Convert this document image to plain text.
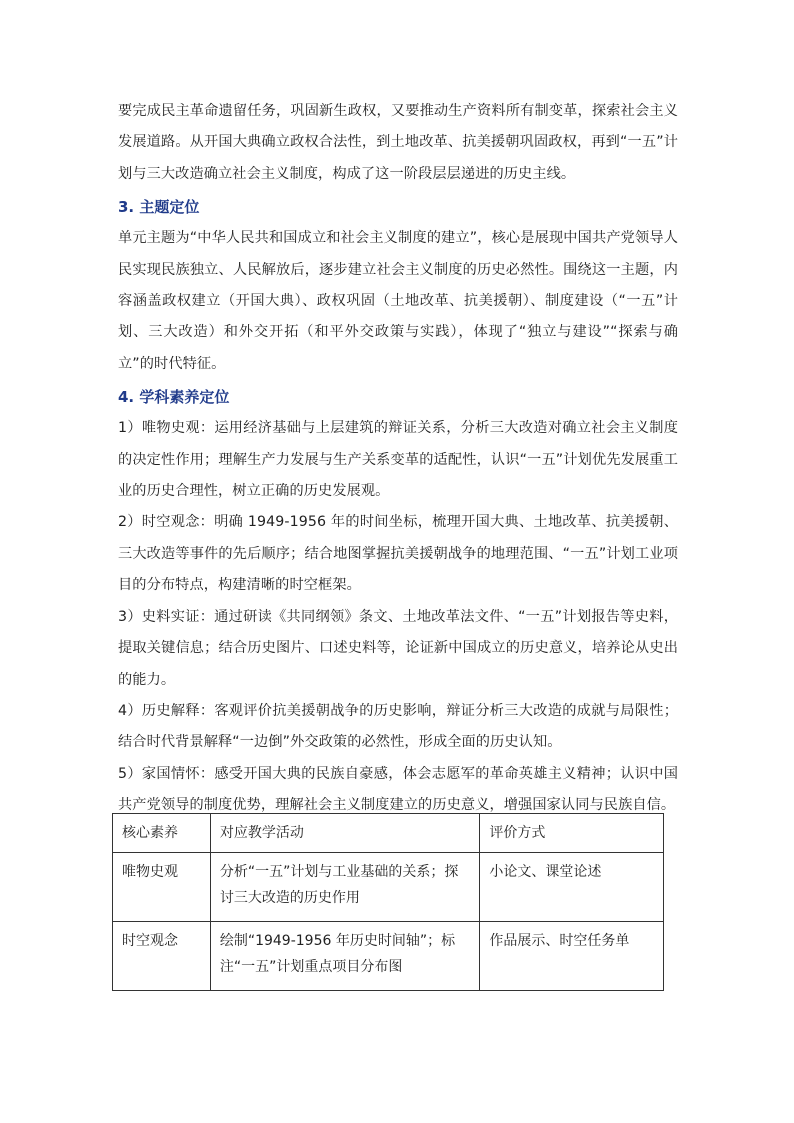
要完成民主革命遗留任务，巩固新生政权，又要推动生产资料所有制变革，探索社会主义发展道路。从开国大典确立政权合法性，到土地改革、抗美援朝巩固政权，再到“一五”计划与三大改造确立社会主义制度，构成了这一阶段层层递进的历史主线。

3. 主题定位

单元主题为“中华人民共和国成立和社会主义制度的建立”，核心是展现中国共产党领导人民实现民族独立、人民解放后，逐步建立社会主义制度的历史必然性。围绕这一主题，内容涵盖政权建立（开国大典）、政权巩固（土地改革、抗美援朝）、制度建设（“一五”计划、三大改造）和外交开拓（和平外交政策与实践），体现了“独立与建设”“探索与确立”的时代特征。

4. 学科素养定位

1）唯物史观：运用经济基础与上层建筑的辩证关系，分析三大改造对确立社会主义制度的决定性作用；理解生产力发展与生产关系变革的适配性，认识“一五”计划优先发展重工业的历史合理性，树立正确的历史发展观。

2）时空观念：明确 1949-1956 年的时间坐标，梳理开国大典、土地改革、抗美援朝、三大改造等事件的先后顺序；结合地图掌握抗美援朝战争的地理范围、“一五”计划工业项目的分布特点，构建清晰的时空框架。

3）史料实证：通过研读《共同纲领》条文、土地改革法文件、“一五”计划报告等史料，提取关键信息；结合历史图片、口述史料等，论证新中国成立的历史意义，培养论从史出的能力。

4）历史解释：客观评价抗美援朝战争的历史影响，辩证分析三大改造的成就与局限性；结合时代背景解释“一边倒”外交政策的必然性，形成全面的历史认知。

5）家国情怀：感受开国大典的民族自豪感，体会志愿军的革命英雄主义精神；认识中国共产党领导的制度优势，理解社会主义制度建立的历史意义，增强国家认同与民族自信。

核心素养	对应教学活动	评价方式
唯物史观	分析“一五”计划与工业基础的关系；探讨三大改造的历史作用	小论文、课堂论述
时空观念	绘制“1949-1956 年历史时间轴”；标注“一五”计划重点项目分布图	作品展示、时空任务单
